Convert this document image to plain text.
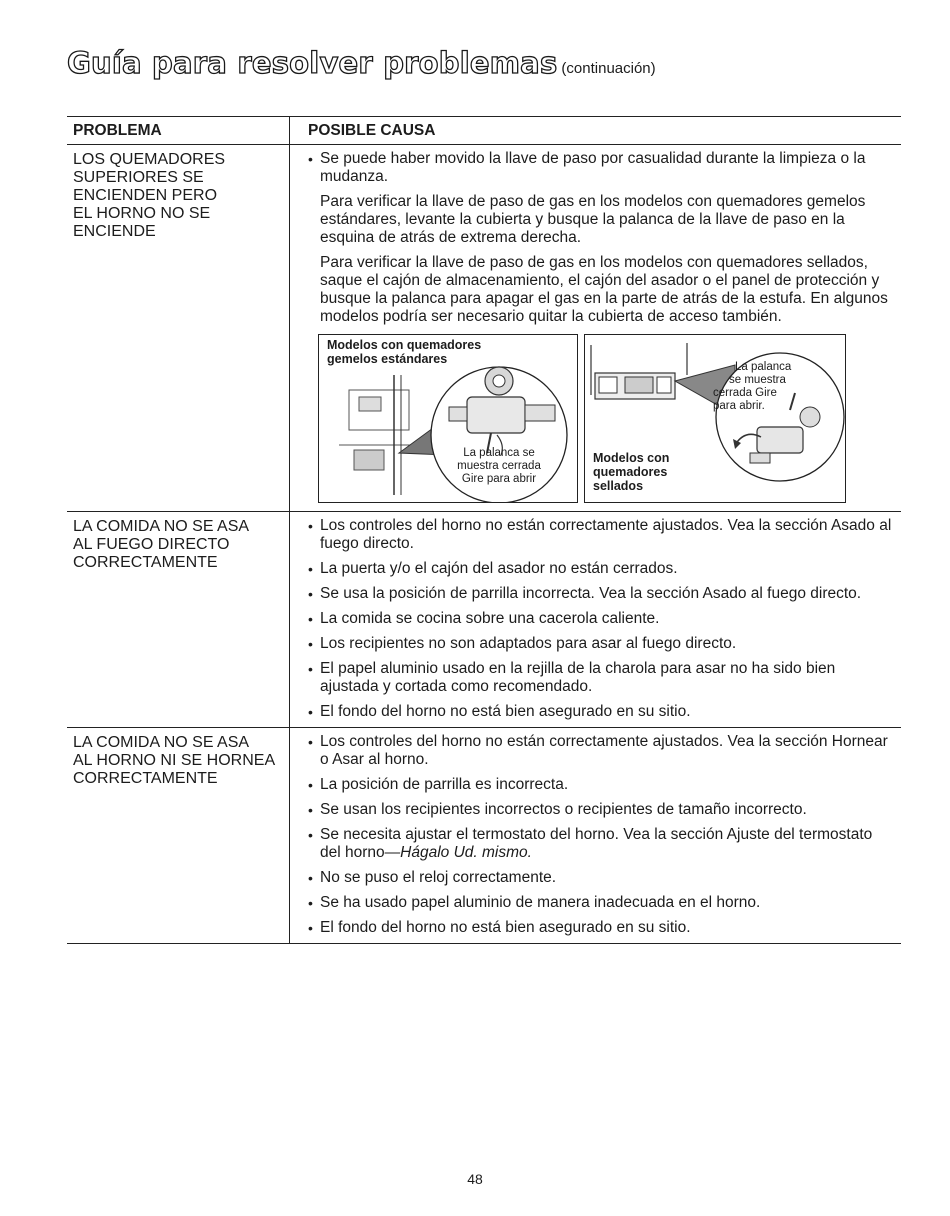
Guía para resolver problemas (continuación)
PROBLEMA	POSIBLE CAUSA
LOS QUEMADORES
SUPERIORES SE
ENCIENDEN PERO
EL HORNO NO SE
ENCIENDE
• Se puede haber movido la llave de paso por casualidad durante la limpieza o la mudanza.
Para verificar la llave de paso de gas en los modelos con quemadores gemelos estándares, levante la cubierta y busque la palanca de la llave de paso en la esquina de atrás de extrema derecha.
Para verificar la llave de paso de gas en los modelos con quemadores sellados, saque el cajón de almacenamiento, el cajón del asador o el panel de protección y busque la palanca para apagar el gas en la parte de atrás de la estufa. En algunos modelos podría ser necesario quitar la cubierta de acceso también.
Modelos con quemadores
gemelos estándares
La palanca se
muestra cerrada
Gire para abrir
La palanca
se muestra
cerrada Gire
para abrir.
Modelos con
quemadores
sellados
LA COMIDA NO SE ASA
AL FUEGO DIRECTO
CORRECTAMENTE
• Los controles del horno no están correctamente ajustados. Vea la sección Asado al fuego directo.
• La puerta y/o el cajón del asador no están cerrados.
• Se usa la posición de parrilla incorrecta. Vea la sección Asado al fuego directo.
• La comida se cocina sobre una cacerola caliente.
• Los recipientes no son adaptados para asar al fuego directo.
• El papel aluminio usado en la rejilla de la charola para asar no ha sido bien ajustada y cortada como recomendado.
• El fondo del horno no está bien asegurado en su sitio.
LA COMIDA NO SE ASA
AL HORNO NI SE HORNEA
CORRECTAMENTE
• Los controles del horno no están correctamente ajustados. Vea la sección Hornear o Asar al horno.
• La posición de parrilla es incorrecta.
• Se usan los recipientes incorrectos o recipientes de tamaño incorrecto.
• Se necesita ajustar el termostato del horno. Vea la sección Ajuste del termostato del horno—Hágalo Ud. mismo.
• No se puso el reloj correctamente.
• Se ha usado papel aluminio de manera inadecuada en el horno.
• El fondo del horno no está bien asegurado en su sitio.
48
